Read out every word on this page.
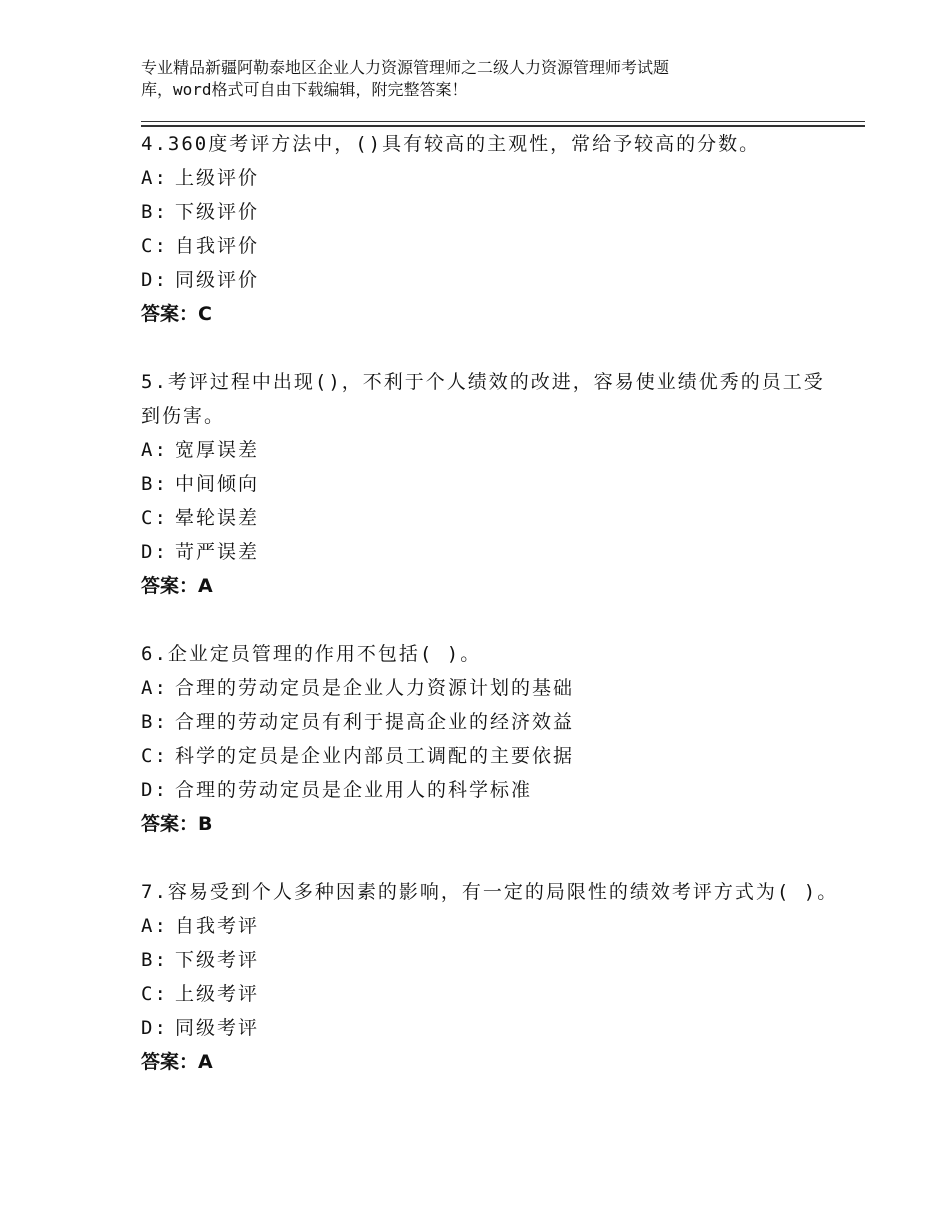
专业精品新疆阿勒泰地区企业人力资源管理师之二级人力资源管理师考试题
库，word格式可自由下载编辑，附完整答案！

4.360度考评方法中，()具有较高的主观性，常给予较高的分数。

A: 上级评价
B: 下级评价
C: 自我评价
D: 同级评价
答案：C

5.考评过程中出现()，不利于个人绩效的改进，容易使业绩优秀的员工受到伤害。

A: 宽厚误差
B: 中间倾向
C: 晕轮误差
D: 苛严误差
答案：A

6.企业定员管理的作用不包括( )。

A: 合理的劳动定员是企业人力资源计划的基础
B: 合理的劳动定员有利于提高企业的经济效益
C: 科学的定员是企业内部员工调配的主要依据
D: 合理的劳动定员是企业用人的科学标准
答案：B

7.容易受到个人多种因素的影响，有一定的局限性的绩效考评方式为( )。

A: 自我考评
B: 下级考评
C: 上级考评
D: 同级考评
答案：A
